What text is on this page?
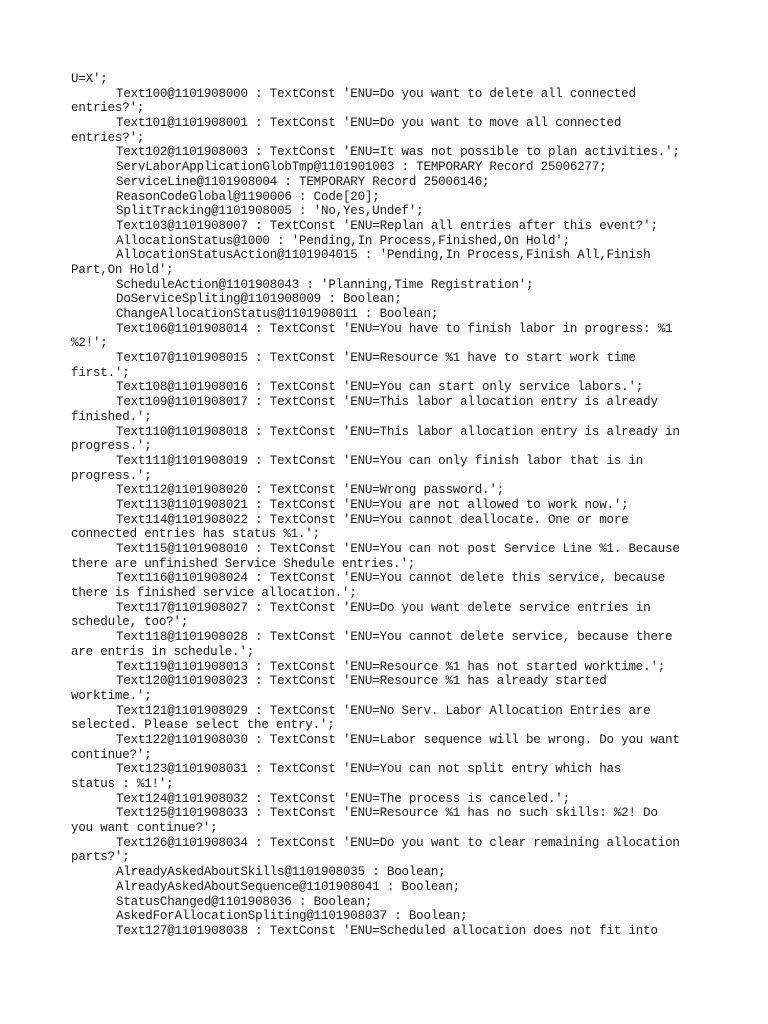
U=X';
Text100@1101908000 : TextConst 'ENU=Do you want to delete all connected
entries?';
Text101@1101908001 : TextConst 'ENU=Do you want to move all connected
entries?';
Text102@1101908003 : TextConst 'ENU=It was not possible to plan activities.';
ServLaborApplicationGlobTmp@1101901003 : TEMPORARY Record 25006277;
ServiceLine@1101908004 : TEMPORARY Record 25006146;
ReasonCodeGlobal@1190006 : Code[20];
SplitTracking@1101908005 : 'No,Yes,Undef';
Text103@1101908007 : TextConst 'ENU=Replan all entries after this event?';
AllocationStatus@1000 : 'Pending,In Process,Finished,On Hold';
AllocationStatusAction@1101904015 : 'Pending,In Process,Finish All,Finish
Part,On Hold';
ScheduleAction@1101908043 : 'Planning,Time Registration';
DoServiceSpliting@1101908009 : Boolean;
ChangeAllocationStatus@1101908011 : Boolean;
Text106@1101908014 : TextConst 'ENU=You have to finish labor in progress: %1
%2!';
Text107@1101908015 : TextConst 'ENU=Resource %1 have to start work time
first.';
Text108@1101908016 : TextConst 'ENU=You can start only service labors.';
Text109@1101908017 : TextConst 'ENU=This labor allocation entry is already
finished.';
Text110@1101908018 : TextConst 'ENU=This labor allocation entry is already in
progress.';
Text111@1101908019 : TextConst 'ENU=You can only finish labor that is in
progress.';
Text112@1101908020 : TextConst 'ENU=Wrong password.';
Text113@1101908021 : TextConst 'ENU=You are not allowed to work now.';
Text114@1101908022 : TextConst 'ENU=You cannot deallocate. One or more
connected entries has status %1.';
Text115@1101908010 : TextConst 'ENU=You can not post Service Line %1. Because
there are unfinished Service Shedule entries.';
Text116@1101908024 : TextConst 'ENU=You cannot delete this service, because
there is finished service allocation.';
Text117@1101908027 : TextConst 'ENU=Do you want delete service entries in
schedule, too?';
Text118@1101908028 : TextConst 'ENU=You cannot delete service, because there
are entris in schedule.';
Text119@1101908013 : TextConst 'ENU=Resource %1 has not started worktime.';
Text120@1101908023 : TextConst 'ENU=Resource %1 has already started
worktime.';
Text121@1101908029 : TextConst 'ENU=No Serv. Labor Allocation Entries are
selected. Please select the entry.';
Text122@1101908030 : TextConst 'ENU=Labor sequence will be wrong. Do you want
continue?';
Text123@1101908031 : TextConst 'ENU=You can not split entry which has
status : %1!';
Text124@1101908032 : TextConst 'ENU=The process is canceled.';
Text125@1101908033 : TextConst 'ENU=Resource %1 has no such skills: %2! Do
you want continue?';
Text126@1101908034 : TextConst 'ENU=Do you want to clear remaining allocation
parts?';
AlreadyAskedAboutSkills@1101908035 : Boolean;
AlreadyAskedAboutSequence@1101908041 : Boolean;
StatusChanged@1101908036 : Boolean;
AskedForAllocationSpliting@1101908037 : Boolean;
Text127@1101908038 : TextConst 'ENU=Scheduled allocation does not fit into
